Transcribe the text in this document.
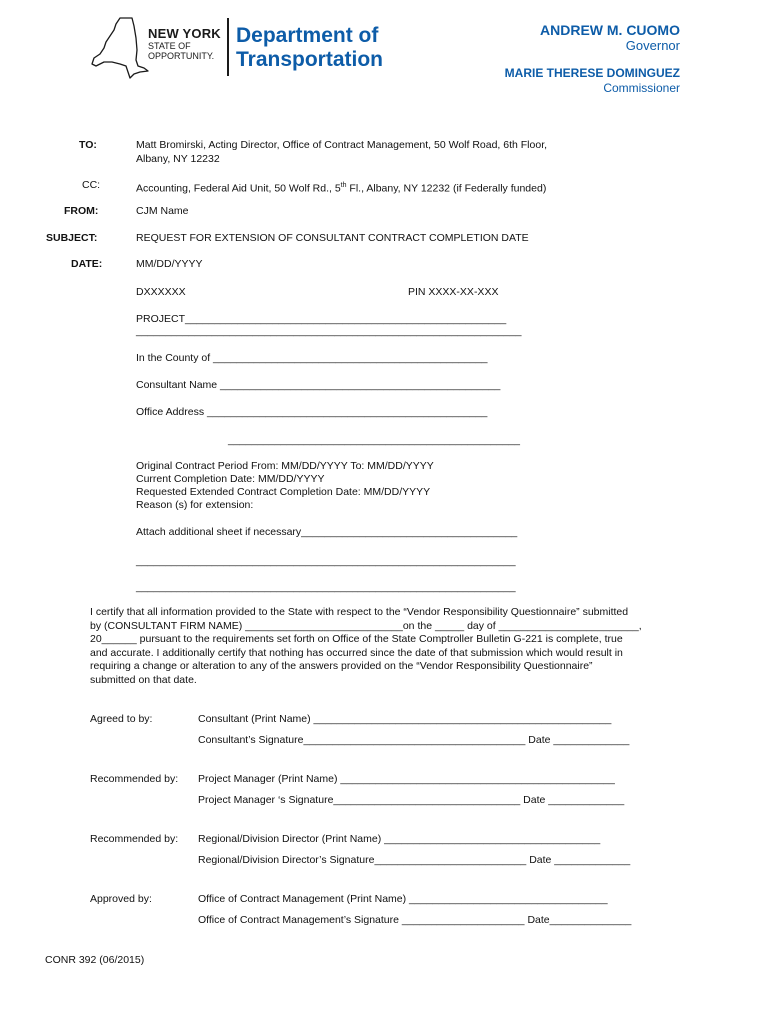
NEW YORK
STATE OF
OPPORTUNITY.
Department of
Transportation
ANDREW M. CUOMO
Governor
MARIE THERESE DOMINGUEZ
Commissioner
TO:	Matt Bromirski, Acting Director, Office of Contract Management, 50 Wolf Road, 6th Floor,
Albany, NY 12232
CC:	Accounting, Federal Aid Unit, 50 Wolf Rd., 5th Fl., Albany, NY 12232 (if Federally funded)
FROM:	CJM Name
SUBJECT:	REQUEST FOR EXTENSION OF CONSULTANT CONTRACT COMPLETION DATE
DATE:	MM/DD/YYYY
DXXXXXX	PIN XXXX-XX-XXX
PROJECT_______________________________________________________
__________________________________________________________________
In the County of _______________________________________________
Consultant Name ________________________________________________
Office Address ________________________________________________
__________________________________________________
Original Contract Period From: MM/DD/YYYY To: MM/DD/YYYY
Current Completion Date: MM/DD/YYYY
Requested Extended Contract Completion Date: MM/DD/YYYY
Reason (s) for extension:
Attach additional sheet if necessary_____________________________________
_________________________________________________________________
_________________________________________________________________

I certify that all information provided to the State with respect to the “Vendor Responsibility Questionnaire” submitted

by (CONSULTANT FIRM NAME) ___________________________on the _____ day of ________________________,

20______ pursuant to the requirements set forth on Office of the State Comptroller Bulletin G-221 is complete, true

and accurate. I additionally certify that nothing has occurred since the date of that submission which would result in

requiring a change or alteration to any of the answers provided on the “Vendor Responsibility Questionnaire”

submitted on that date.

Agreed to by:	Consultant (Print Name) ___________________________________________________
Consultant’s Signature______________________________________ Date _____________
Recommended by: Project Manager (Print Name) _______________________________________________
Project Manager ‘s Signature________________________________ Date _____________
Recommended by: Regional/Division Director (Print Name) _____________________________________
Regional/Division Director’s Signature__________________________ Date _____________
Approved by:	Office of Contract Management (Print Name) __________________________________
Office of Contract Management’s Signature _____________________ Date______________
CONR 392 (06/2015)
